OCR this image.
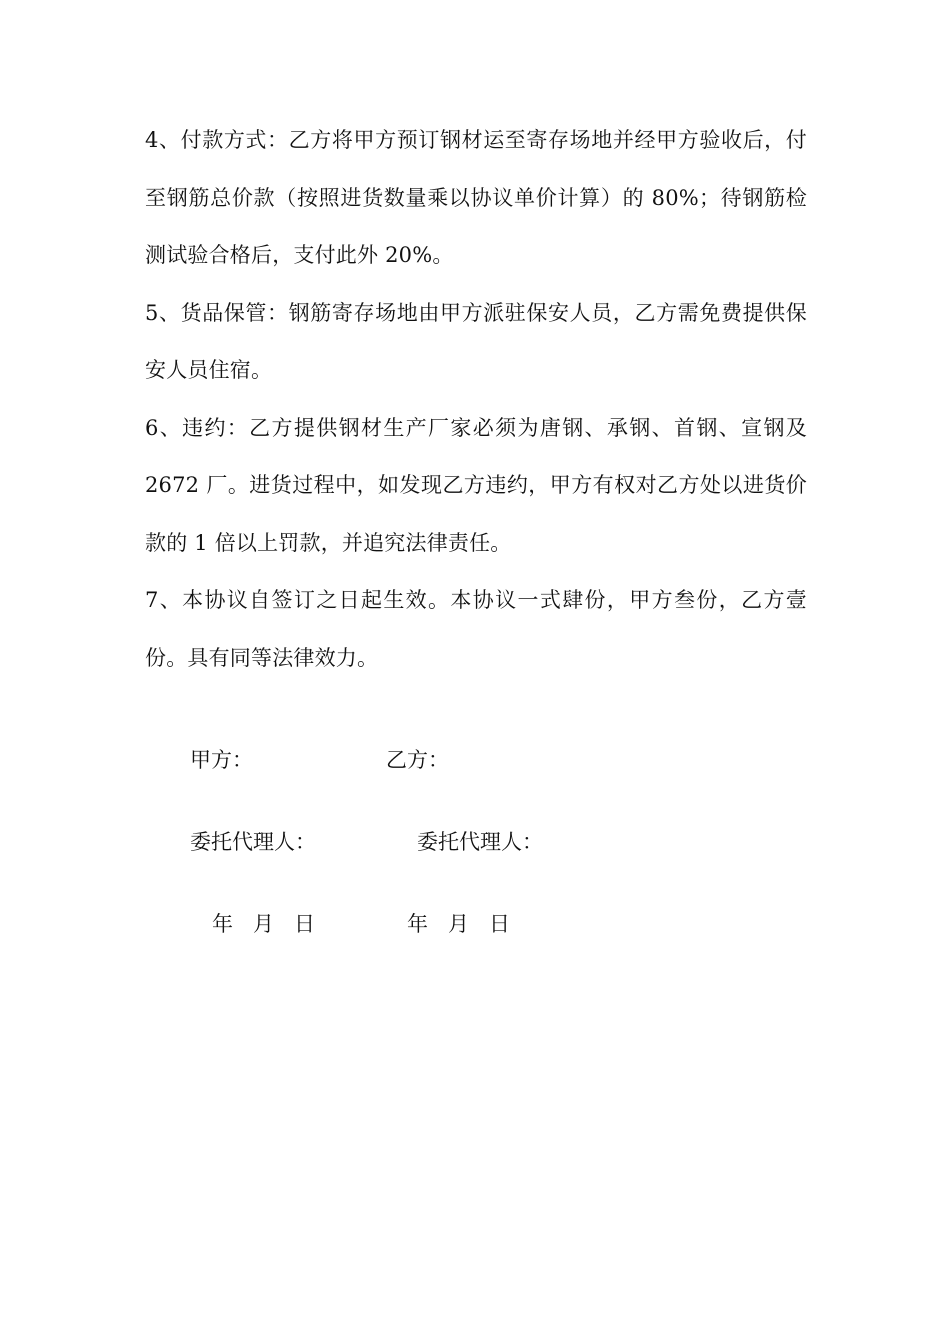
4、付款方式：乙方将甲方预订钢材运至寄存场地并经甲方验收后，付至钢筋总价款（按照进货数量乘以协议单价计算）的 80%；待钢筋检测试验合格后，支付此外 20%。

5、货品保管：钢筋寄存场地由甲方派驻保安人员，乙方需免费提供保安人员住宿。

6、违约：乙方提供钢材生产厂家必须为唐钢、承钢、首钢、宣钢及 2672 厂。进货过程中，如发现乙方违约，甲方有权对乙方处以进货价款的 1 倍以上罚款，并追究法律责任。

7、本协议自签订之日起生效。本协议一式肆份，甲方叁份，乙方壹份。具有同等法律效力。

甲方：	乙方：
委托代理人：	委托代理人：
年   月   日	年   月   日
